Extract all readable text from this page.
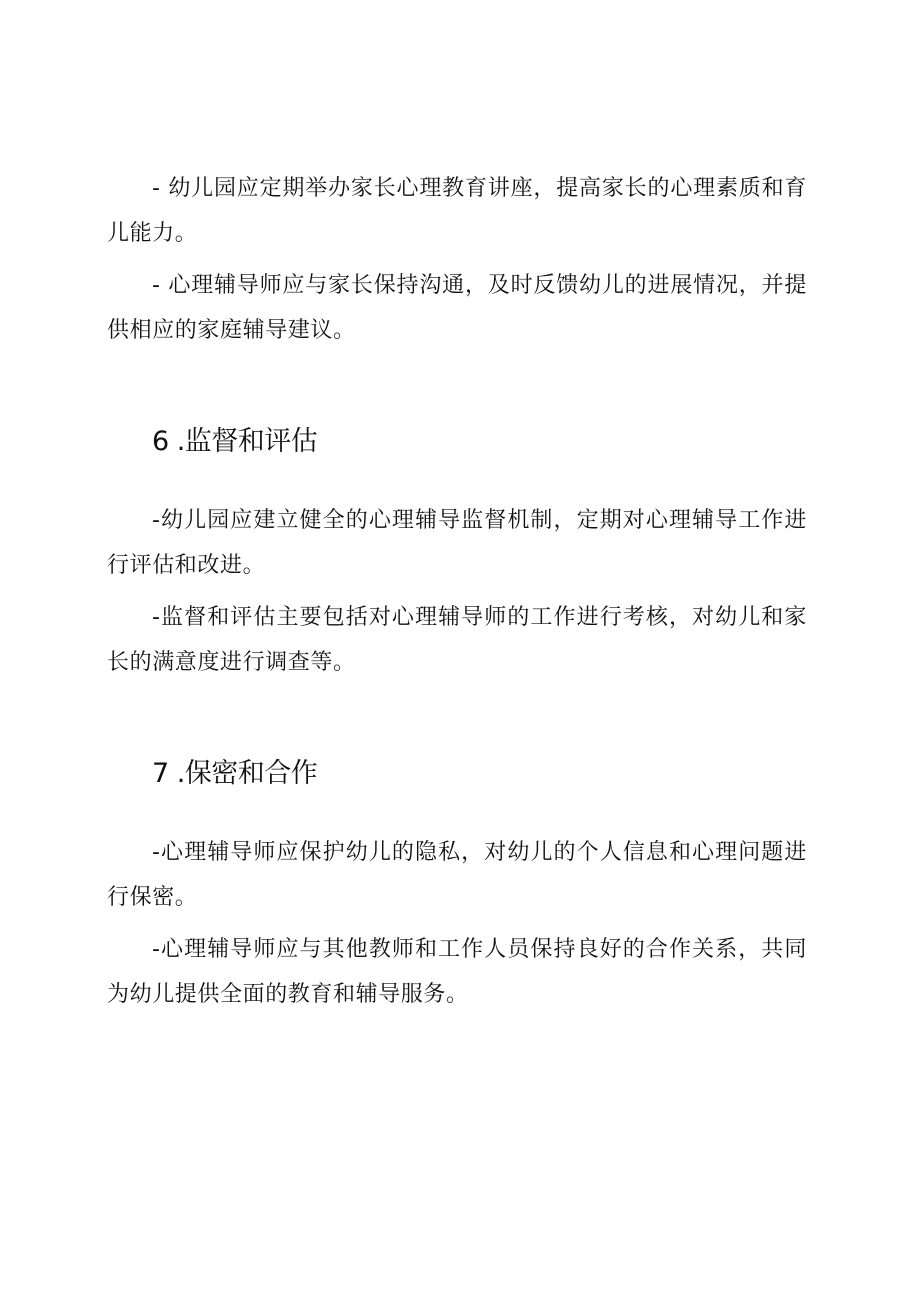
- 幼儿园应定期举办家长心理教育讲座，提高家长的心理素质和育儿能力。

- 心理辅导师应与家长保持沟通，及时反馈幼儿的进展情况，并提供相应的家庭辅导建议。

6 .监督和评估

-幼儿园应建立健全的心理辅导监督机制，定期对心理辅导工作进行评估和改进。

-监督和评估主要包括对心理辅导师的工作进行考核，对幼儿和家长的满意度进行调查等。

7 .保密和合作

-心理辅导师应保护幼儿的隐私，对幼儿的个人信息和心理问题进行保密。

-心理辅导师应与其他教师和工作人员保持良好的合作关系，共同为幼儿提供全面的教育和辅导服务。
